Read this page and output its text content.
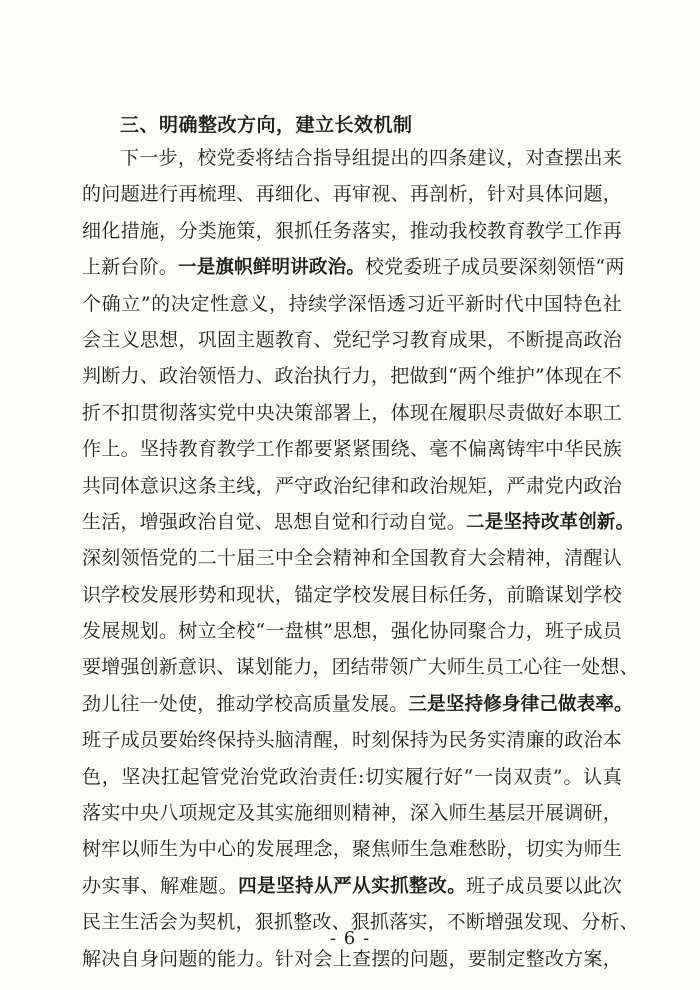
三、明确整改方向，建立长效机制
下一步，校党委将结合指导组提出的四条建议，对查摆出来
的问题进行再梳理、再细化、再审视、再剖析，针对具体问题，
细化措施，分类施策，狠抓任务落实，推动我校教育教学工作再
上新台阶。一是旗帜鲜明讲政治。校党委班子成员要深刻领悟“两
个确立”的决定性意义，持续学深悟透习近平新时代中国特色社
会主义思想，巩固主题教育、党纪学习教育成果，不断提高政治
判断力、政治领悟力、政治执行力，把做到“两个维护”体现在不
折不扣贯彻落实党中央决策部署上，体现在履职尽责做好本职工
作上。坚持教育教学工作都要紧紧围绕、毫不偏离铸牢中华民族
共同体意识这条主线，严守政治纪律和政治规矩，严肃党内政治
生活，增强政治自觉、思想自觉和行动自觉。二是坚持改革创新。
深刻领悟党的二十届三中全会精神和全国教育大会精神，清醒认
识学校发展形势和现状，锚定学校发展目标任务，前瞻谋划学校
发展规划。树立全校“一盘棋”思想，强化协同聚合力，班子成员
要增强创新意识、谋划能力，团结带领广大师生员工心往一处想、
劲儿往一处使，推动学校高质量发展。三是坚持修身律己做表率。
班子成员要始终保持头脑清醒，时刻保持为民务实清廉的政治本
色，坚决扛起管党治党政治责任:切实履行好“一岗双责”。认真
落实中央八项规定及其实施细则精神，深入师生基层开展调研，
树牢以师生为中心的发展理念，聚焦师生急难愁盼，切实为师生
办实事、解难题。四是坚持从严从实抓整改。班子成员要以此次
民主生活会为契机，狠抓整改、狠抓落实，不断增强发现、分析、
解决自身问题的能力。针对会上查摆的问题，要制定整改方案，
- 6 -
